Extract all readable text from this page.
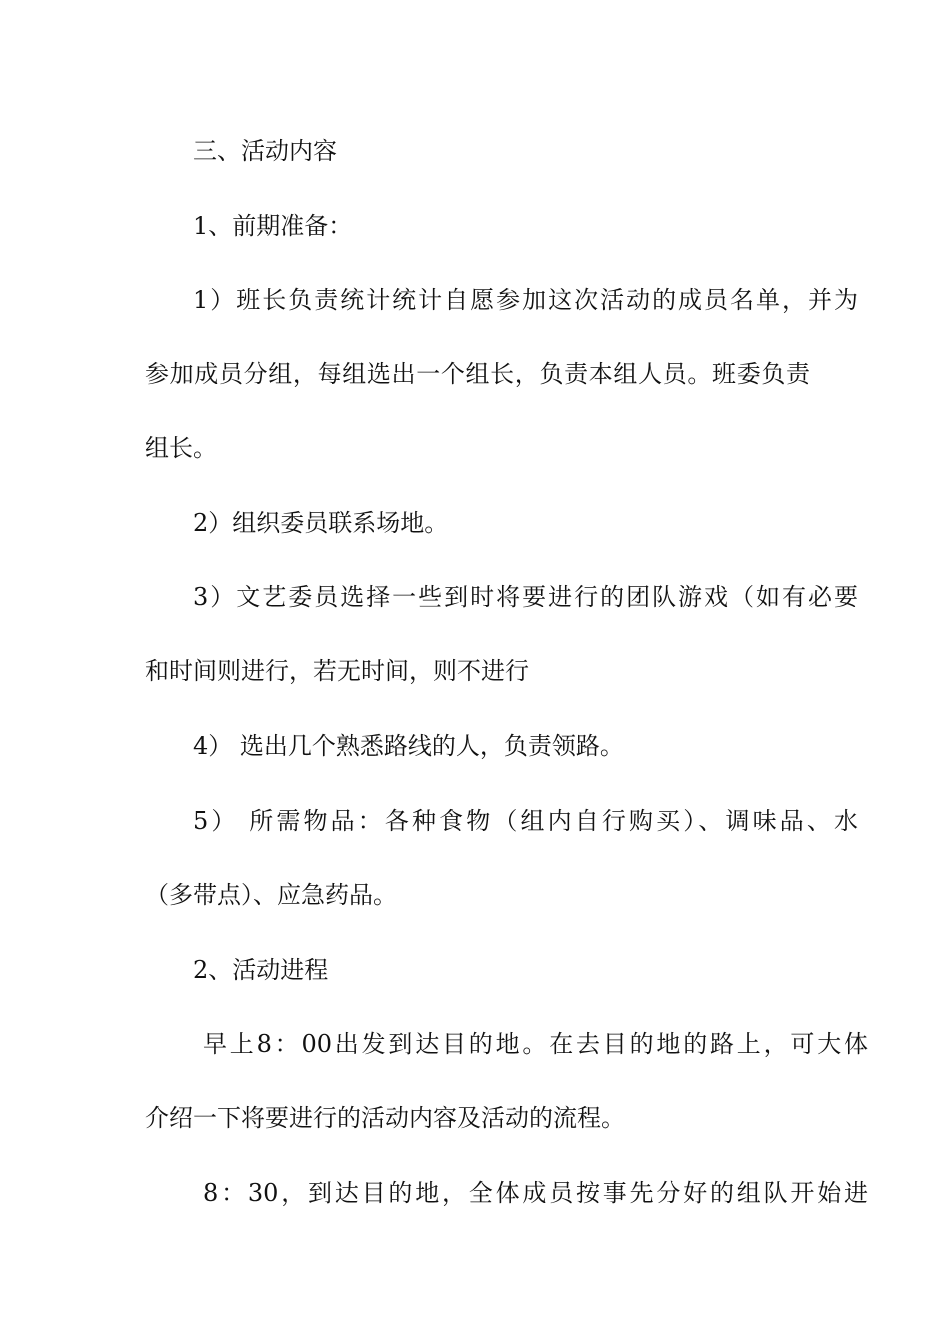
三、活动内容
1、前期准备：
1）班长负责统计统计自愿参加这次活动的成员名单，并为
参加成员分组，每组选出一个组长，负责本组人员。班委负责
组长。
2）组织委员联系场地。
3）文艺委员选择一些到时将要进行的团队游戏（如有必要
和时间则进行，若无时间，则不进行
4） 选出几个熟悉路线的人，负责领路。
5） 所需物品：各种食物（组内自行购买）、调味品、水
（多带点）、应急药品。
2、活动进程
早上8：00出发到达目的地。在去目的地的路上，可大体
介绍一下将要进行的活动内容及活动的流程。
8：30，到达目的地，全体成员按事先分好的组队开始进
